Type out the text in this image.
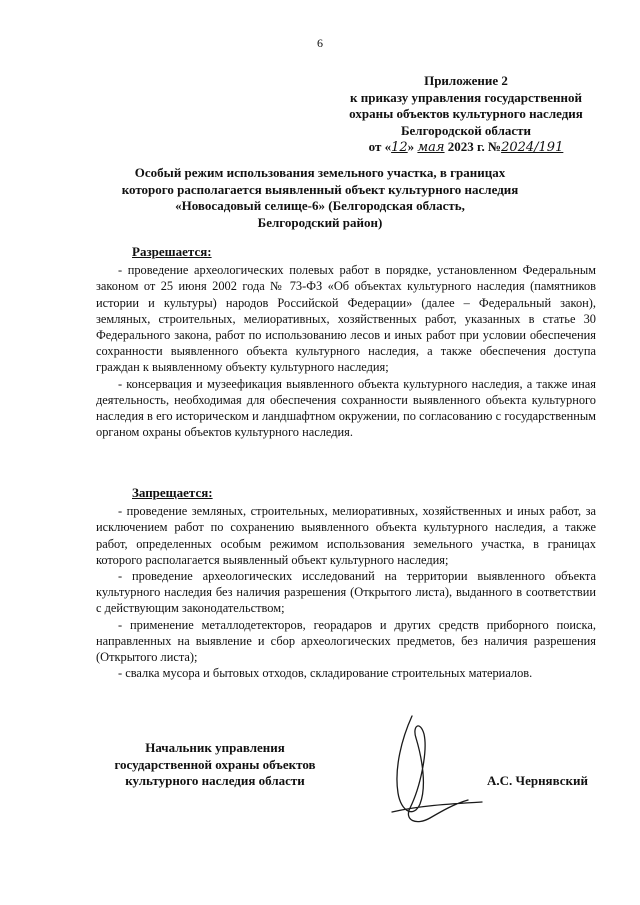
6
Приложение 2
к приказу управления государственной
охраны объектов культурного наследия
Белгородской области
от «12» мая 2023 г. №2024/191
Особый режим использования земельного участка, в границах
которого располагается выявленный объект культурного наследия
«Новосадовый селище-6» (Белгородская область,
Белгородский район)
Разрешается:

- проведение археологических полевых работ в порядке, установленном Федеральным законом от 25 июня 2002 года № 73-ФЗ «Об объектах культурного наследия (памятников истории и культуры) народов Российской Федерации» (далее – Федеральный закон), земляных, строительных, мелиоративных, хозяйственных работ, указанных в статье 30 Федерального закона, работ по использованию лесов и иных работ при условии обеспечения сохранности выявленного объекта культурного наследия, а также обеспечения доступа граждан к выявленному объекту культурного наследия;

- консервация и музеефикация выявленного объекта культурного наследия, а также иная деятельность, необходимая для обеспечения сохранности выявленного объекта культурного наследия в его историческом и ландшафтном окружении, по согласованию с государственным органом охраны объектов культурного наследия.

Запрещается:

- проведение земляных, строительных, мелиоративных, хозяйственных и иных работ, за исключением работ по сохранению выявленного объекта культурного наследия, а также работ, определенных особым режимом использования земельного участка, в границах которого располагается выявленный объект культурного наследия;

- проведение археологических исследований на территории выявленного объекта культурного наследия без наличия разрешения (Открытого листа), выданного в соответствии с действующим законодательством;

- применение металлодетекторов, георадаров и других средств приборного поиска, направленных на выявление и сбор археологических предметов, без наличия разрешения (Открытого листа);

- свалка мусора и бытовых отходов, складирование строительных материалов.

Начальник управления
государственной охраны объектов
культурного наследия области	А.С. Чернявский
